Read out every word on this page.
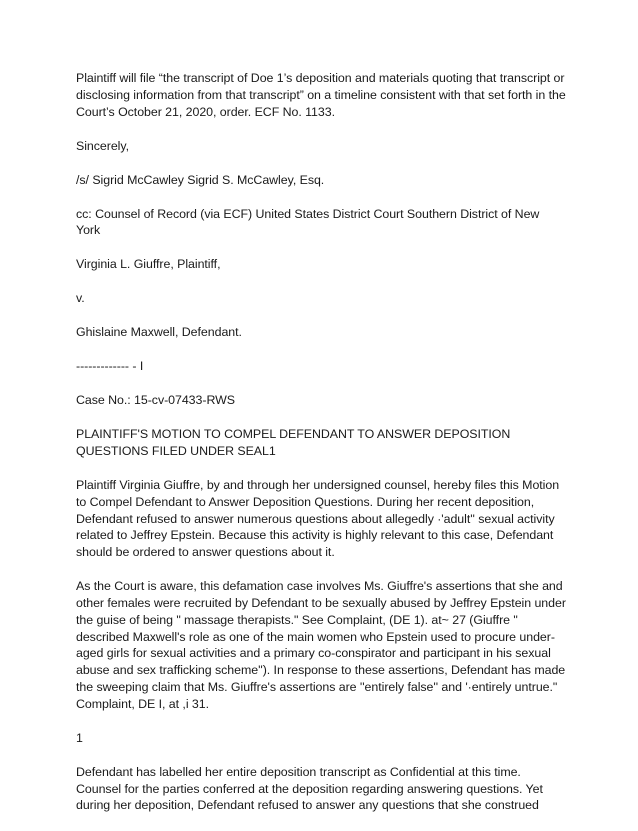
Plaintiff will file “the transcript of Doe 1’s deposition and materials quoting that transcript or disclosing information from that transcript” on a timeline consistent with that set forth in the Court’s October 21, 2020, order. ECF No. 1133.

Sincerely,

/s/ Sigrid McCawley Sigrid S. McCawley, Esq.

cc: Counsel of Record (via ECF) United States District Court Southern District of New York

Virginia L. Giuffre, Plaintiff,

v.

Ghislaine Maxwell, Defendant.

------------- - I

Case No.: 15-cv-07433-RWS

PLAINTIFF'S MOTION TO COMPEL DEFENDANT TO ANSWER DEPOSITION QUESTIONS FILED UNDER SEAL1

Plaintiff Virginia Giuffre, by and through her undersigned counsel, hereby files this Motion to Compel Defendant to Answer Deposition Questions. During her recent deposition, Defendant refused to answer numerous questions about allegedly ·'adult'' sexual activity related to Jeffrey Epstein. Because this activity is highly relevant to this case, Defendant should be ordered to answer questions about it.

As the Court is aware, this defamation case involves Ms. Giuffre's assertions that she and other females were recruited by Defendant to be sexually abused by Jeffrey Epstein under the guise of being " massage therapists." See Complaint, (DE 1). at~ 27 (Giuffre " described Maxwell's role as one of the main women who Epstein used to procure under-aged girls for sexual activities and a primary co-conspirator and participant in his sexual abuse and sex trafficking scheme''). In response to these assertions, Defendant has made the sweeping claim that Ms. Giuffre's assertions are ''entirely false'' and '·entirely untrue." Complaint, DE I, at ,i 31.

1

Defendant has labelled her entire deposition transcript as Confidential at this time. Counsel for the parties conferred at the deposition regarding answering questions. Yet during her deposition, Defendant refused to answer any questions that she construed
